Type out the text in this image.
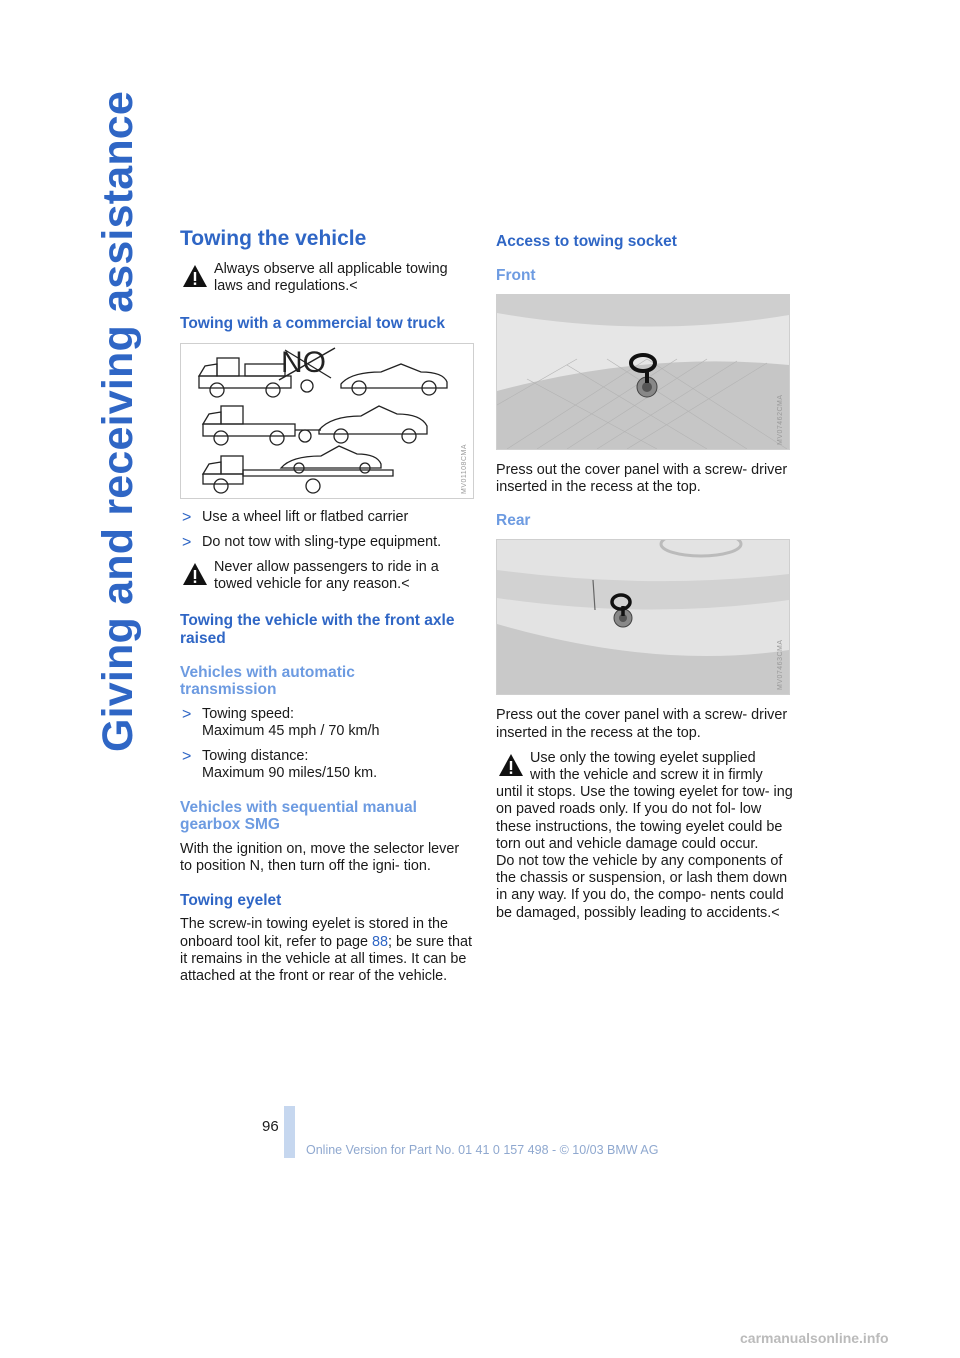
Giving and receiving assistance Towing the vehicle

Always observe all applicable towing
laws and regulations.<

Towing with a commercial tow truck
NO
MV01108CMA
> Use a wheel lift or flatbed carrier

> Do not tow with sling-type equipment.

Never allow passengers to ride in a
towed vehicle for any reason.<

Towing the vehicle with the front axle raised
Vehicles with automatic transmission
> Towing speed:
Maximum 45 mph / 70 km/h

> Towing distance:
Maximum 90 miles/150 km.

Vehicles with sequential manual gearbox SMG

With the ignition on, move the selector lever to position N, then turn off the igni- tion.

Towing eyelet

The screw-in towing eyelet is stored in the onboard tool kit, refer to page 88; be sure that it remains in the vehicle at all times. It can be attached at the front or rear of the vehicle.

Access to towing socket
Front
MV07462CMA

Press out the cover panel with a screw- driver inserted in the recess at the top.

Rear
MV07463CMA

Press out the cover panel with a screw- driver inserted in the recess at the top.

Use only the towing eyelet supplied
with the vehicle and screw it in firmly
until it stops. Use the towing eyelet for tow- ing on paved roads only. If you do not fol- low these instructions, the towing eyelet could be torn out and vehicle damage could occur.

Do not tow the vehicle by any components of the chassis or suspension, or lash them down in any way. If you do, the compo- nents could be damaged, possibly leading to accidents.<

96
Online Version for Part No. 01 41 0 157 498 - © 10/03 BMW AG
carmanualsonline.info
